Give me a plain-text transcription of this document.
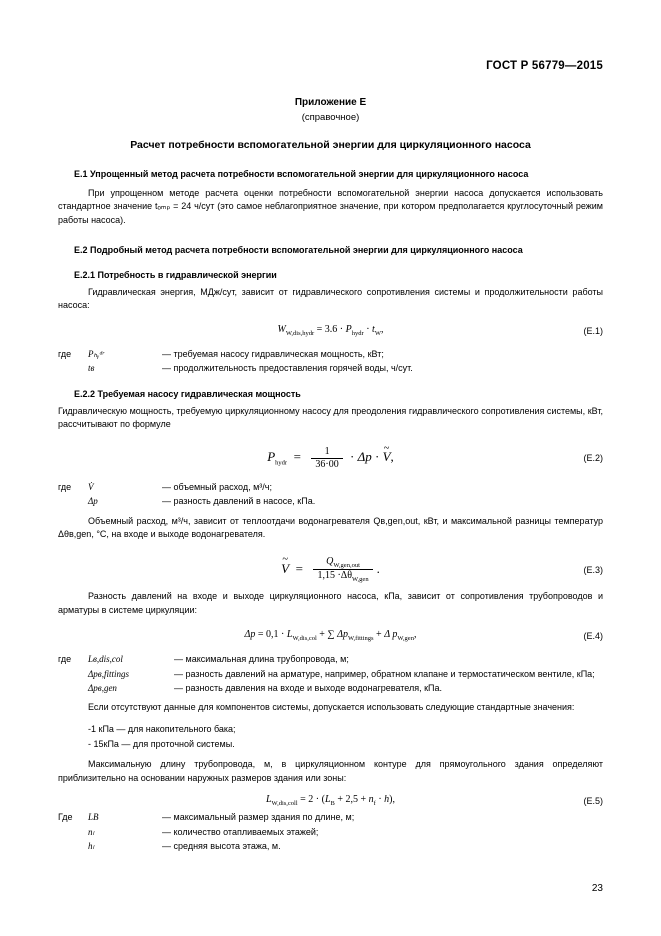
ГОСТ Р 56779—2015
Приложение Е
(справочное)
Расчет потребности вспомогательной энергии для циркуляционного насоса
Е.1 Упрощенный метод расчета потребности вспомогательной энергии для циркуляционного насоса

При упрощенном методе расчета оценки потребности вспомогательной энергии насоса допускается использовать стандартное значение tₒₘₚ = 24 ч/сут (это самое неблагоприятное значение, при котором предполагается круглосуточный режим работы насоса).

Е.2 Подробный метод расчета потребности вспомогательной энергии для циркуляционного насоса
Е.2.1 Потребность в гидравлической энергии

Гидравлическая энергия, МДж/сут, зависит от гидравлического сопротивления системы и продолжительности работы насоса:

$W_{W,dis,hydr} = 3.6 \cdot P_{hydr} \cdot t_W$,	(Е.1)
где	Pₕᵧᵈʳ	— требуемая насосу гидравлическая мощность, кВт;
tв	— продолжительность предоставления горячей воды, ч/сут.
Е.2.2 Требуемая насосу гидравлическая мощность

Гидравлическую мощность, требуемую циркуляционному насосу для преодоления гидравлического сопротивления системы, кВт, рассчитывают по формуле

$P_{hydr} = \frac{1}{36\cdot 00} \cdot \Delta p$ · ~ V,	(Е.2)
где	V̇	— объемный расход, м³/ч;
Δp	— разность давлений в насосе, кПа.

Объемный расход, м³/ч, зависит от теплоотдачи водонагревателя Qв,gen,out, кВт, и максимальной разницы температур Δθв,gen, °C, на входе и выходе водонагревателя.

~ $V = \frac{Q_{W,gen,out}}{1,15 \cdot\Delta\theta_{W,gen}}$ .	(Е.3)

Разность давлений на входе и выходе циркуляционного насоса, кПа, зависит от сопротивления трубопроводов и арматуры в системе циркуляции:

$\Delta p = 0,1 \cdot L_{W,dis,col}$ + ∑ $\Delta p_{W,fittings} + \Delta$ $p_{W,gen}$,	(Е.4)
где	Lв,dis,col	— максимальная длина трубопровода, м;
Δpв,fittings	— разность давлений на арматуре, например, обратном клапане и термостатическом вентиле, кПа;
Δpв,gen	— разность давления на входе и выходе водонагревателя, кПа.

Если отсутствуют данные для компонентов системы, допускается использовать следующие стандартные значения:

-1 кПа — для накопительного бака;
- 15кПа — для проточной системы.

Максимальную длину трубопровода, м, в циркуляционном контуре для прямоугольного здания определяют приблизительно на основании наружных размеров здания или зоны:

$L_{W,dis,coll} = 2 \cdot (L_B + 2,5 + n_f \cdot h)$,	(Е.5)
Где	LВ	— максимальный размер здания по длине, м;
nₗ	— количество отапливаемых этажей;
hₗ	— средняя высота этажа, м.
23
